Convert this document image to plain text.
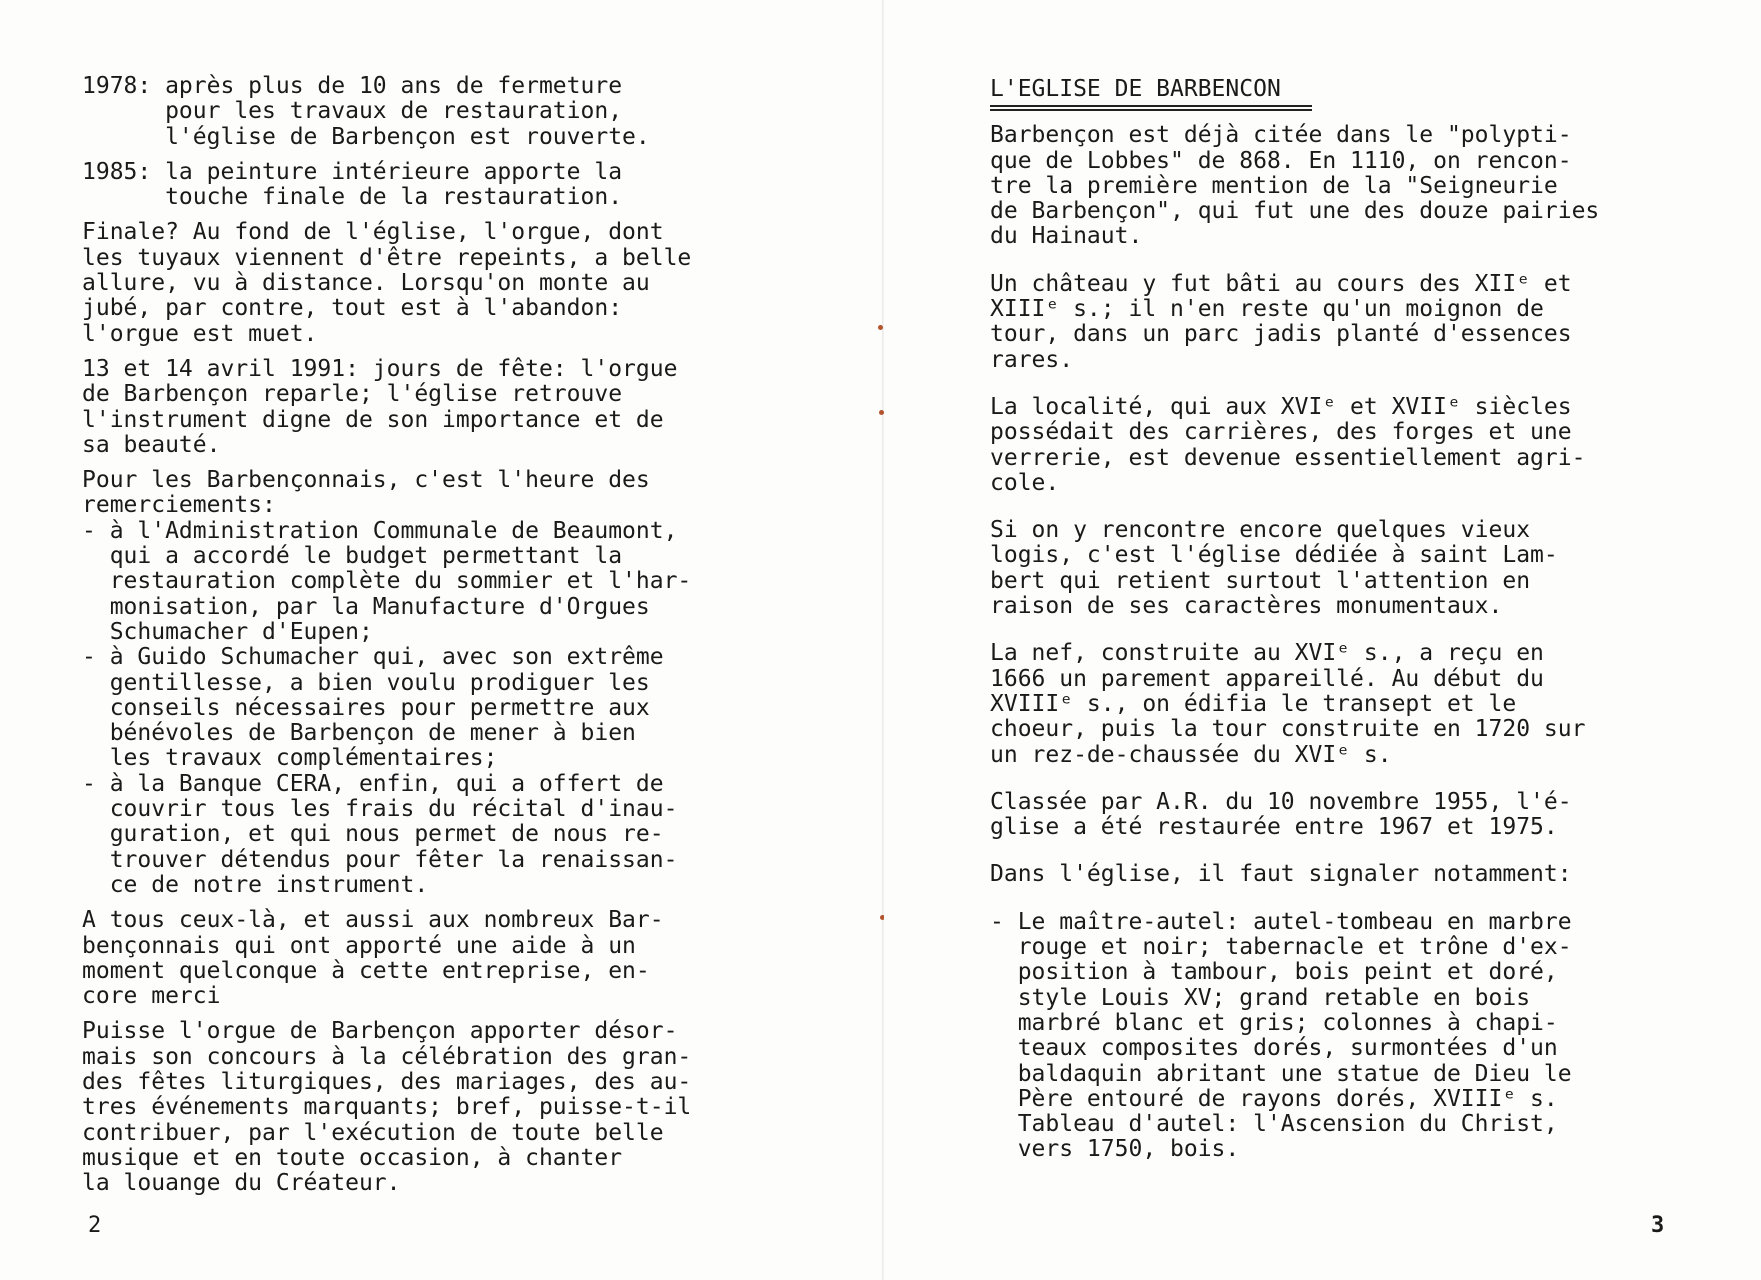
1978: après plus de 10 ans de fermeture
pour les travaux de restauration,
l'église de Barbençon est rouverte.
1985: la peinture intérieure apporte la
touche finale de la restauration.
Finale? Au fond de l'église, l'orgue, dont
les tuyaux viennent d'être repeints, a belle
allure, vu à distance. Lorsqu'on monte au
jubé, par contre, tout est à l'abandon:
l'orgue est muet.
13 et 14 avril 1991: jours de fête: l'orgue
de Barbençon reparle; l'église retrouve
l'instrument digne de son importance et de
sa beauté.
Pour les Barbençonnais, c'est l'heure des
remerciements:
- à l'Administration Communale de Beaumont,
qui a accordé le budget permettant la
restauration complète du sommier et l'har-
monisation, par la Manufacture d'Orgues
Schumacher d'Eupen;
- à Guido Schumacher qui, avec son extrême
gentillesse, a bien voulu prodiguer les
conseils nécessaires pour permettre aux
bénévoles de Barbençon de mener à bien
les travaux complémentaires;
- à la Banque CERA, enfin, qui a offert de
couvrir tous les frais du récital d'inau-
guration, et qui nous permet de nous re-
trouver détendus pour fêter la renaissan-
ce de notre instrument.
A tous ceux-là, et aussi aux nombreux Bar-
bençonnais qui ont apporté une aide à un
moment quelconque à cette entreprise, en-
core merci
Puisse l'orgue de Barbençon apporter désor-
mais son concours à la célébration des gran-
des fêtes liturgiques, des mariages, des au-
tres événements marquants; bref, puisse-t-il
contribuer, par l'exécution de toute belle
musique et en toute occasion, à chanter
la louange du Créateur.
2
L'EGLISE DE BARBENCON
Barbençon est déjà citée dans le "polypti-
que de Lobbes" de 868. En 1110, on rencon-
tre la première mention de la "Seigneurie
de Barbençon", qui fut une des douze pairies
du Hainaut.
Un château y fut bâti au cours des XIIᵉ et
XIIIᵉ s.; il n'en reste qu'un moignon de
tour, dans un parc jadis planté d'essences
rares.
La localité, qui aux XVIᵉ et XVIIᵉ siècles
possédait des carrières, des forges et une
verrerie, est devenue essentiellement agri-
cole.
Si on y rencontre encore quelques vieux
logis, c'est l'église dédiée à saint Lam-
bert qui retient surtout l'attention en
raison de ses caractères monumentaux.
La nef, construite au XVIᵉ s., a reçu en
1666 un parement appareillé. Au début du
XVIIIᵉ s., on édifia le transept et le
choeur, puis la tour construite en 1720 sur
un rez-de-chaussée du XVIᵉ s.
Classée par A.R. du 10 novembre 1955, l'é-
glise a été restaurée entre 1967 et 1975.
Dans l'église, il faut signaler notamment:
- Le maître-autel: autel-tombeau en marbre
rouge et noir; tabernacle et trône d'ex-
position à tambour, bois peint et doré,
style Louis XV; grand retable en bois
marbré blanc et gris; colonnes à chapi-
teaux composites dorés, surmontées d'un
baldaquin abritant une statue de Dieu le
Père entouré de rayons dorés, XVIIIᵉ s.
Tableau d'autel: l'Ascension du Christ,
vers 1750, bois.
3
